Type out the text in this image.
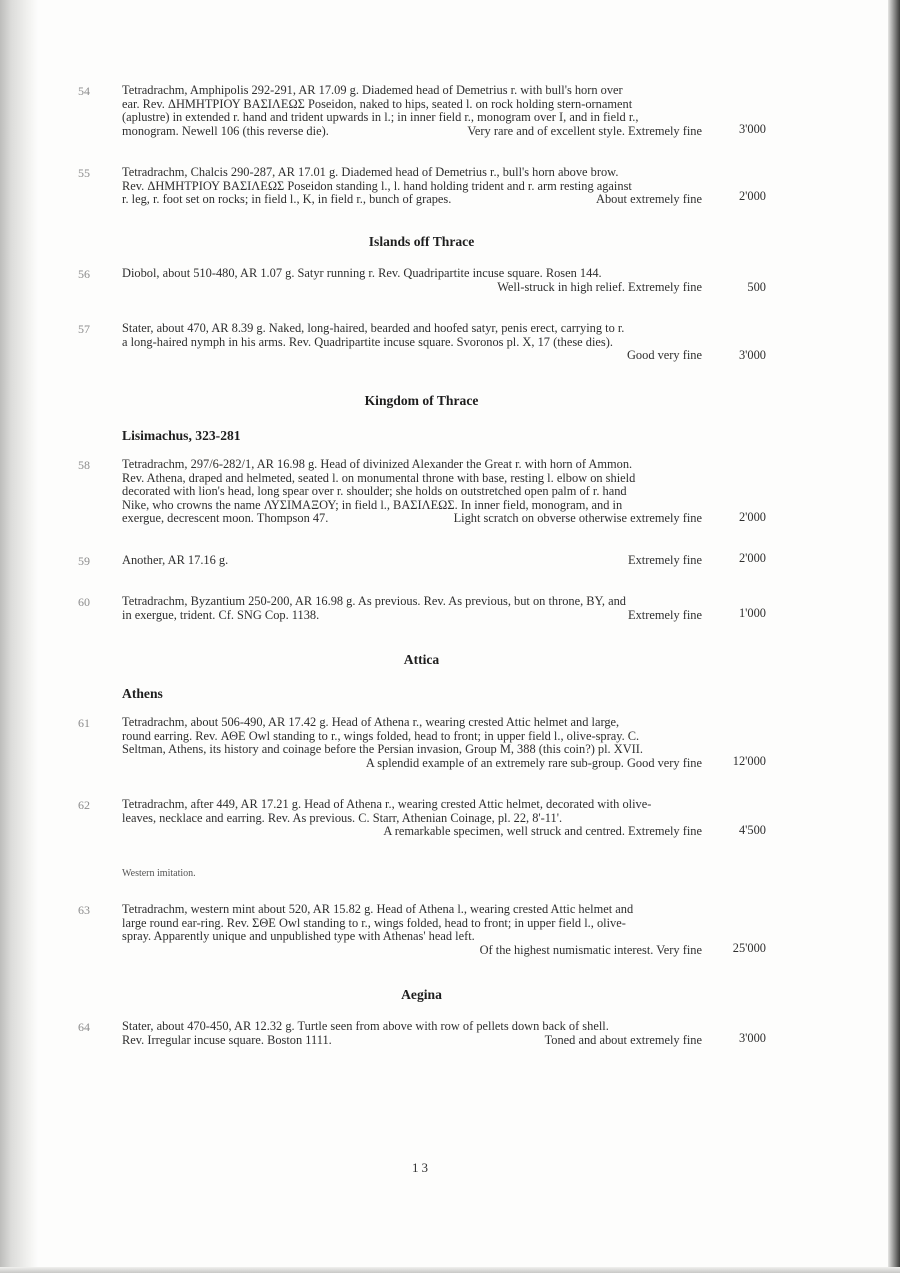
54	Tetradrachm, Amphipolis 292-291, AR 17.09 g. Diademed head of Demetrius r. with bull's horn over
ear. Rev. ΔΗΜΗΤΡΙΟΥ ΒΑΣΙΛΕΩΣ Poseidon, naked to hips, seated l. on rock holding stern-ornament
(aplustre) in extended r. hand and trident upwards in l.; in inner field r., monogram over I, and in field r.,
monogram. Newell 106 (this reverse die).	Very rare and of excellent style. Extremely fine	3'000
55	Tetradrachm, Chalcis 290-287, AR 17.01 g. Diademed head of Demetrius r., bull's horn above brow.
Rev. ΔΗΜΗΤΡΙΟΥ ΒΑΣΙΛΕΩΣ Poseidon standing l., l. hand holding trident and r. arm resting against
r. leg, r. foot set on rocks; in field l., K, in field r., bunch of grapes.	About extremely fine	2'000
Islands off Thrace
56	Diobol, about 510-480, AR 1.07 g. Satyr running r. Rev. Quadripartite incuse square. Rosen 144.
Well-struck in high relief. Extremely fine	500
57	Stater, about 470, AR 8.39 g. Naked, long-haired, bearded and hoofed satyr, penis erect, carrying to r.
a long-haired nymph in his arms. Rev. Quadripartite incuse square. Svoronos pl. X, 17 (these dies).
Good very fine	3'000
Kingdom of Thrace
Lisimachus, 323-281
58	Tetradrachm, 297/6-282/1, AR 16.98 g. Head of divinized Alexander the Great r. with horn of Ammon.
Rev. Athena, draped and helmeted, seated l. on monumental throne with base, resting l. elbow on shield
decorated with lion's head, long spear over r. shoulder; she holds on outstretched open palm of r. hand
Nike, who crowns the name ΛΥΣΙΜΑΞΟΥ; in field l., ΒΑΣΙΛΕΩΣ. In inner field, monogram, and in
exergue, decrescent moon. Thompson 47.	Light scratch on obverse otherwise extremely fine	2'000
59	Another, AR 17.16 g.	Extremely fine	2'000
60	Tetradrachm, Byzantium 250-200, AR 16.98 g. As previous. Rev. As previous, but on throne, BY, and
in exergue, trident. Cf. SNG Cop. 1138.	Extremely fine	1'000
Attica
Athens
61	Tetradrachm, about 506-490, AR 17.42 g. Head of Athena r., wearing crested Attic helmet and large,
round earring. Rev. ΑΘΕ Owl standing to r., wings folded, head to front; in upper field l., olive-spray. C.
Seltman, Athens, its history and coinage before the Persian invasion, Group M, 388 (this coin?) pl. XVII.
A splendid example of an extremely rare sub-group. Good very fine	12'000
62	Tetradrachm, after 449, AR 17.21 g. Head of Athena r., wearing crested Attic helmet, decorated with olive-
leaves, necklace and earring. Rev. As previous. C. Starr, Athenian Coinage, pl. 22, 8'-11'.
A remarkable specimen, well struck and centred. Extremely fine	4'500
Western imitation.
63	Tetradrachm, western mint about 520, AR 15.82 g. Head of Athena l., wearing crested Attic helmet and
large round ear-ring. Rev. ΣΘΕ Owl standing to r., wings folded, head to front; in upper field l., olive-
spray. Apparently unique and unpublished type with Athenas' head left.
Of the highest numismatic interest. Very fine	25'000
Aegina
64	Stater, about 470-450, AR 12.32 g. Turtle seen from above with row of pellets down back of shell.
Rev. Irregular incuse square. Boston 1111.	Toned and about extremely fine	3'000
13
